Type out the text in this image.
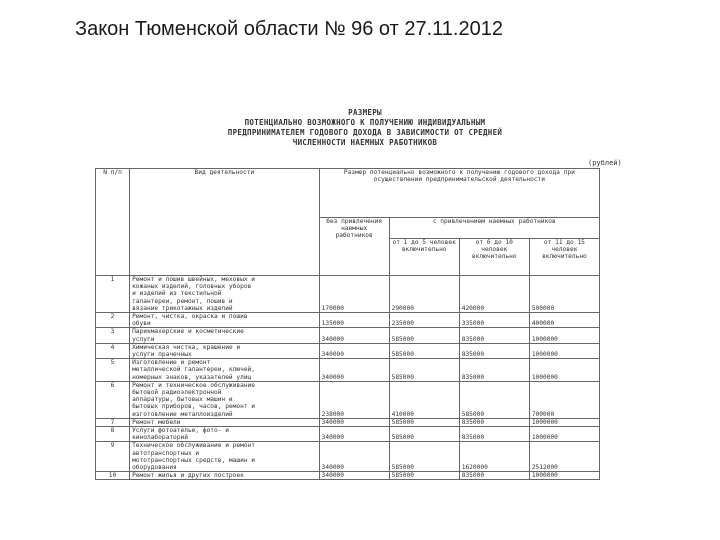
Закон Тюменской области № 96 от 27.11.2012
РАЗМЕРЫ
ПОТЕНЦИАЛЬНО ВОЗМОЖНОГО К ПОЛУЧЕНИЮ ИНДИВИДУАЛЬНЫМ
ПРЕДПРИНИМАТЕЛЕМ ГОДОВОГО ДОХОДА В ЗАВИСИМОСТИ ОТ СРЕДНЕЙ
ЧИСЛЕННОСТИ НАЕМНЫХ РАБОТНИКОВ
(рублей)
N п/п	Вид деятельности	Размер потенциально возможного к получению годового дохода при осуществлении предпринимательской деятельности			
		без привлечения наемных работников	с привлечением наемных работников		
			от 1 до 5 человек включительно	от 6 до 10 человек включительно	от 11 до 15 человек включительно
1	Ремонт и пошив швейных, меховых и
кожаных изделий, головных уборов
и изделий из текстильной
галантереи, ремонт, пошив и
вязание трикотажных изделий	170000	290000	420000	500000
2	Ремонт, чистка, окраска и пошив
обуви	135000	235000	335000	400000
3	Парикмахерские и косметические
услуги	340000	585000	835000	1000000
4	Химическая чистка, крашение и
услуги прачечных	340000	585000	835000	1000000
5	Изготовление и ремонт
металлической галантереи, ключей,
номерных знаков, указателей улиц	340000	585000	835000	1000000
6	Ремонт и техническое обслуживание
бытовой радиоэлектронной
аппаратуры, бытовых машин и
бытовых приборов, часов, ремонт и
изготовление металлоизделий	238000	410000	585000	700000
7	Ремонт мебели	340000	585000	835000	1000000
8	Услуги фотоателье, фото- и
кинолабораторий	340000	585000	835000	1000000
9	Техническое обслуживание и ремонт
автотранспортных и
мототранспортных средств, машин и
оборудования	340000	585000	1620000	2512000
10	Ремонт жилья и других построек	340000	585000	835000	1000000
